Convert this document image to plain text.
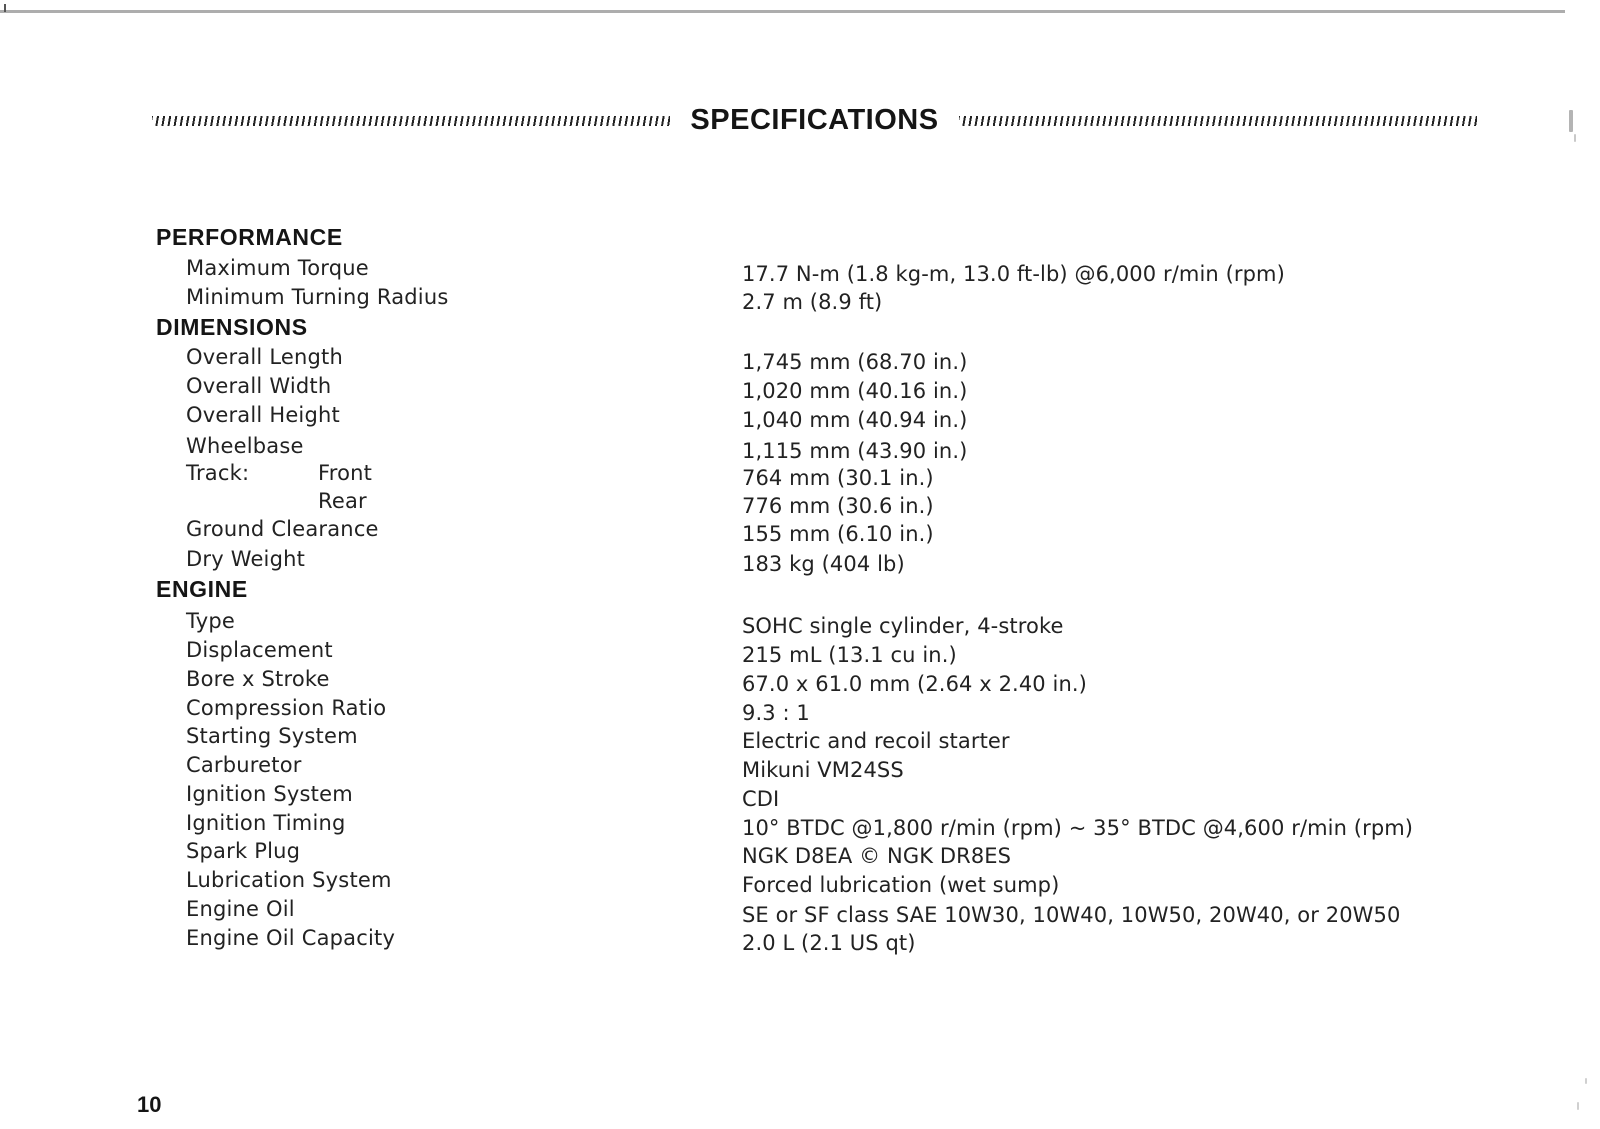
SPECIFICATIONS
PERFORMANCE
Maximum Torque	17.7 N-m (1.8 kg-m, 13.0 ft-lb) @6,000 r/min (rpm)
Minimum Turning Radius	2.7 m (8.9 ft)
DIMENSIONS
Overall Length	1,745 mm (68.70 in.)
Overall Width	1,020 mm (40.16 in.)
Overall Height	1,040 mm (40.94 in.)
Wheelbase	1,115 mm (43.90 in.)
Track:	Front	764 mm (30.1 in.)
Rear	776 mm (30.6 in.)
Ground Clearance	155 mm (6.10 in.)
Dry Weight	183 kg (404 lb)
ENGINE
Type	SOHC single cylinder, 4-stroke
Displacement	215 mL (13.1 cu in.)
Bore x Stroke	67.0 x 61.0 mm (2.64 x 2.40 in.)
Compression Ratio	9.3 : 1
Starting System	Electric and recoil starter
Carburetor	Mikuni VM24SS
Ignition System	CDI
Ignition Timing	10° BTDC @1,800 r/min (rpm) ~ 35° BTDC @4,600 r/min (rpm)
Spark Plug	NGK D8EA © NGK DR8ES
Lubrication System	Forced lubrication (wet sump)
Engine Oil	SE or SF class SAE 10W30, 10W40, 10W50, 20W40, or 20W50
Engine Oil Capacity	2.0 L (2.1 US qt)
10
